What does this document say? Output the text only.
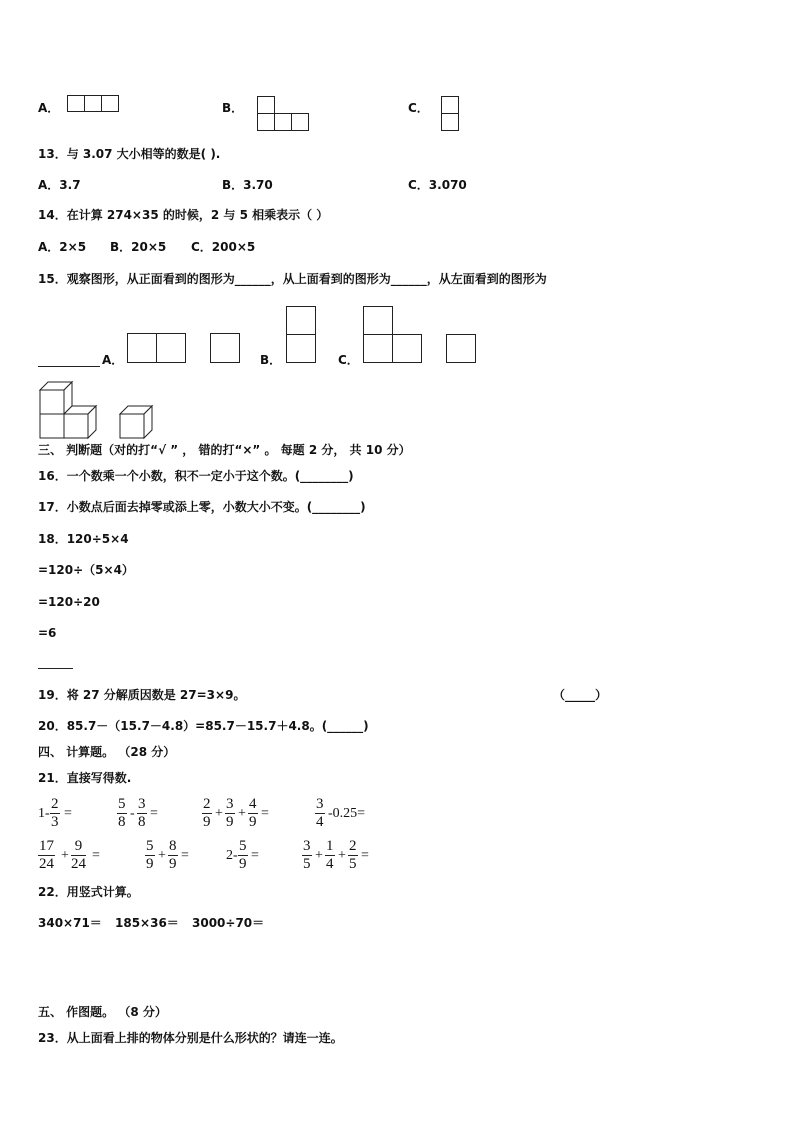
A．	B．	C．
13．与 3.07 大小相等的数是( ).
A．3.7	B．3.70	C．3.070
14．在计算 274×35 的时候，2 与 5 相乘表示（ ）
A．2×5 B．20×5 C．200×5
15．观察图形，从正面看到的图形为______，从上面看到的图形为______，从左面看到的图形为
A．	B．	C．
三、 判断题（对的打“√ ” ， 错的打“×” 。 每题 2 分， 共 10 分）
16．一个数乘一个小数，积不一定小于这个数。(________)
17．小数点后面去掉零或添上零，小数大小不变。(________)
18．120÷5×4
=120÷（5×4）
=120÷20
=6
19．将 27 分解质因数是 27=3×9。	（_____）
20．85.7－（15.7－4.8）=85.7－15.7＋4.8。(______)
四、 计算题。 （28 分）
21．直接写得数.
$1- \frac{2}{3}$ =	$\frac{5}{8} - \frac{3}{8}$ =	$\frac{2}{9} + \frac{3}{9} + \frac{4}{9}$ =	$\frac{3}{4} -0.25=$
$\frac{17}{24} + \frac{9}{24}$ =	$\frac{5}{9} + \frac{8}{9}$ =	$2- \frac{5}{9}$ =	$\frac{3}{5} + \frac{1}{4} + \frac{2}{5}$ =
22．用竖式计算。
340×71＝ 185×36＝ 3000÷70＝
五、 作图题。 （8 分）
23．从上面看上排的物体分别是什么形状的？请连一连。
